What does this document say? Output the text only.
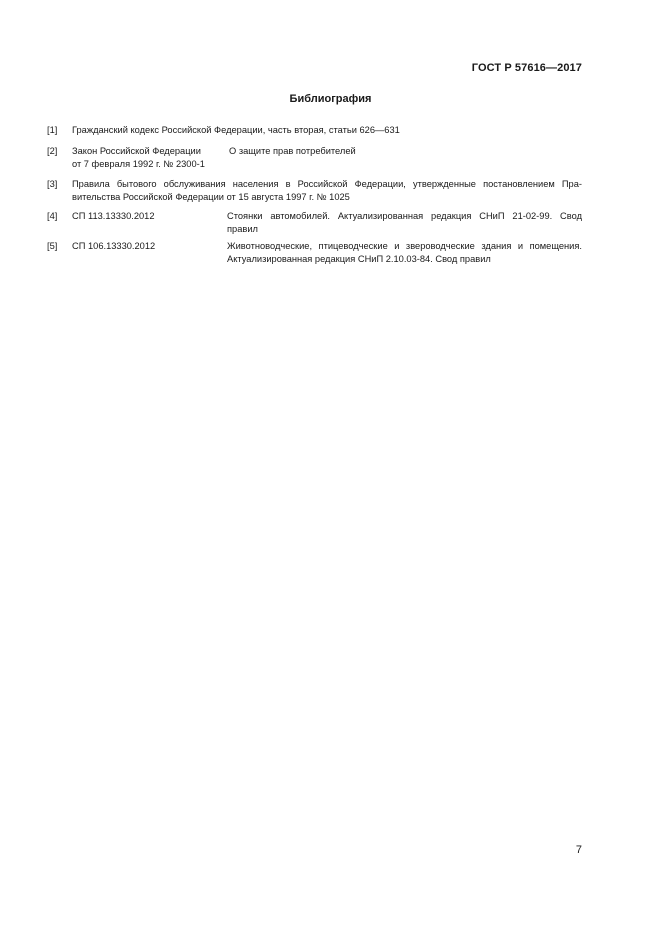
ГОСТ Р 57616—2017
Библиография
[1] Гражданский кодекс Российской Федерации, часть вторая, статьи 626—631
[2] Закон Российской Федерации
от 7 февраля 1992 г. № 2300-1
О защите прав потребителей
[3] Правила бытового обслуживания населения в Российской Федерации, утвержденные постановлением Пра-
вительства Российской Федерации от 15 августа 1997 г. № 1025
[4] СП 113.13330.2012	Стоянки автомобилей. Актуализированная редакция СНиП 21-02-99. Свод
правил
[5] СП 106.13330.2012	Животноводческие, птицеводческие и звероводческие здания и помещения.
Актуализированная редакция СНиП 2.10.03-84. Свод правил
7
